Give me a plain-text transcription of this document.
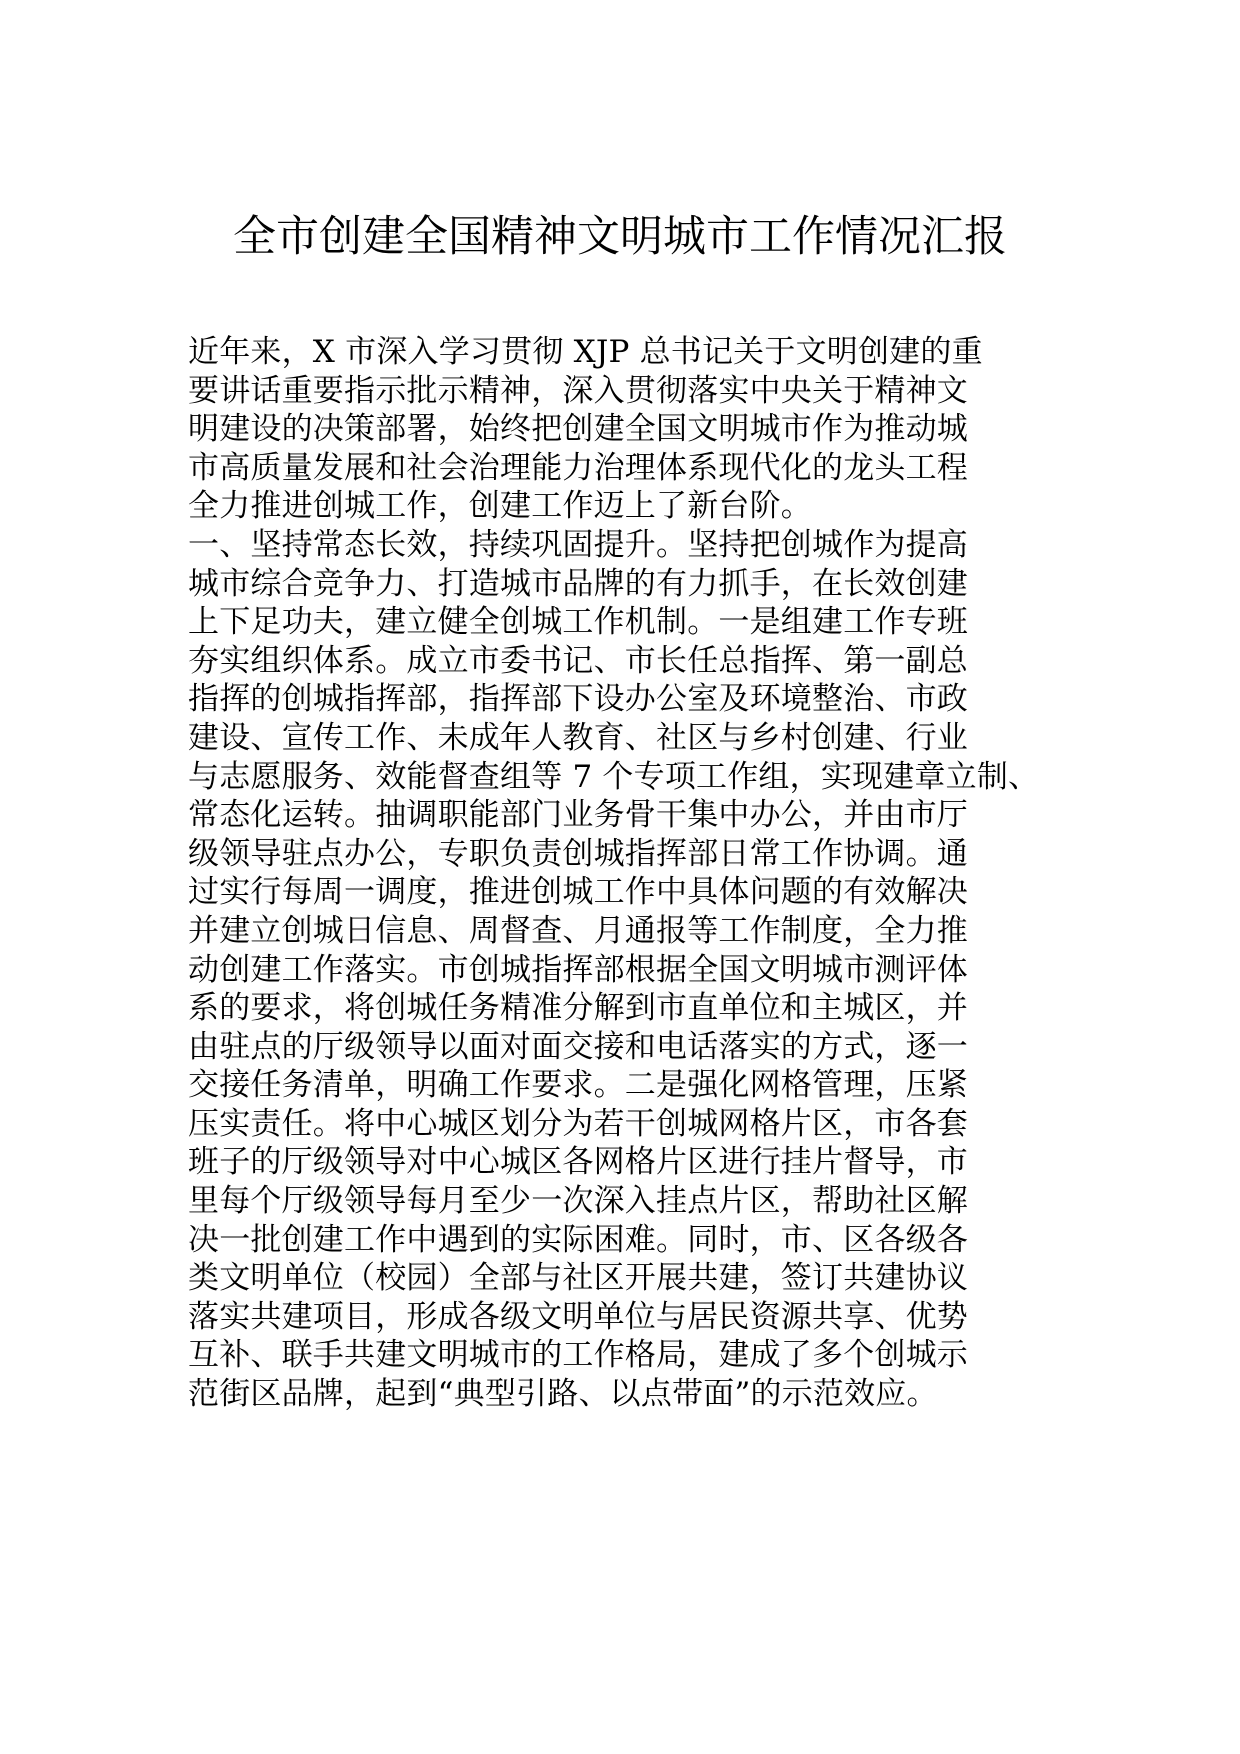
全市创建全国精神文明城市工作情况汇报
近年来，X 市深入学习贯彻 XJP 总书记关于文明创建的重
要讲话重要指示批示精神，深入贯彻落实中央关于精神文
明建设的决策部署，始终把创建全国文明城市作为推动城
市高质量发展和社会治理能力治理体系现代化的龙头工程
全力推进创城工作，创建工作迈上了新台阶。
一、坚持常态长效，持续巩固提升。坚持把创城作为提高
城市综合竞争力、打造城市品牌的有力抓手，在长效创建
上下足功夫，建立健全创城工作机制。一是组建工作专班
夯实组织体系。成立市委书记、市长任总指挥、第一副总
指挥的创城指挥部，指挥部下设办公室及环境整治、市政
建设、宣传工作、未成年人教育、社区与乡村创建、行业
与志愿服务、效能督查组等 7 个专项工作组，实现建章立制、
常态化运转。抽调职能部门业务骨干集中办公，并由市厅
级领导驻点办公，专职负责创城指挥部日常工作协调。通
过实行每周一调度，推进创城工作中具体问题的有效解决
并建立创城日信息、周督查、月通报等工作制度，全力推
动创建工作落实。市创城指挥部根据全国文明城市测评体
系的要求，将创城任务精准分解到市直单位和主城区，并
由驻点的厅级领导以面对面交接和电话落实的方式，逐一
交接任务清单，明确工作要求。二是强化网格管理，压紧
压实责任。将中心城区划分为若干创城网格片区，市各套
班子的厅级领导对中心城区各网格片区进行挂片督导，市
里每个厅级领导每月至少一次深入挂点片区，帮助社区解
决一批创建工作中遇到的实际困难。同时，市、区各级各
类文明单位（校园）全部与社区开展共建，签订共建协议
落实共建项目，形成各级文明单位与居民资源共享、优势
互补、联手共建文明城市的工作格局，建成了多个创城示
范街区品牌，起到“典型引路、以点带面”的示范效应。
